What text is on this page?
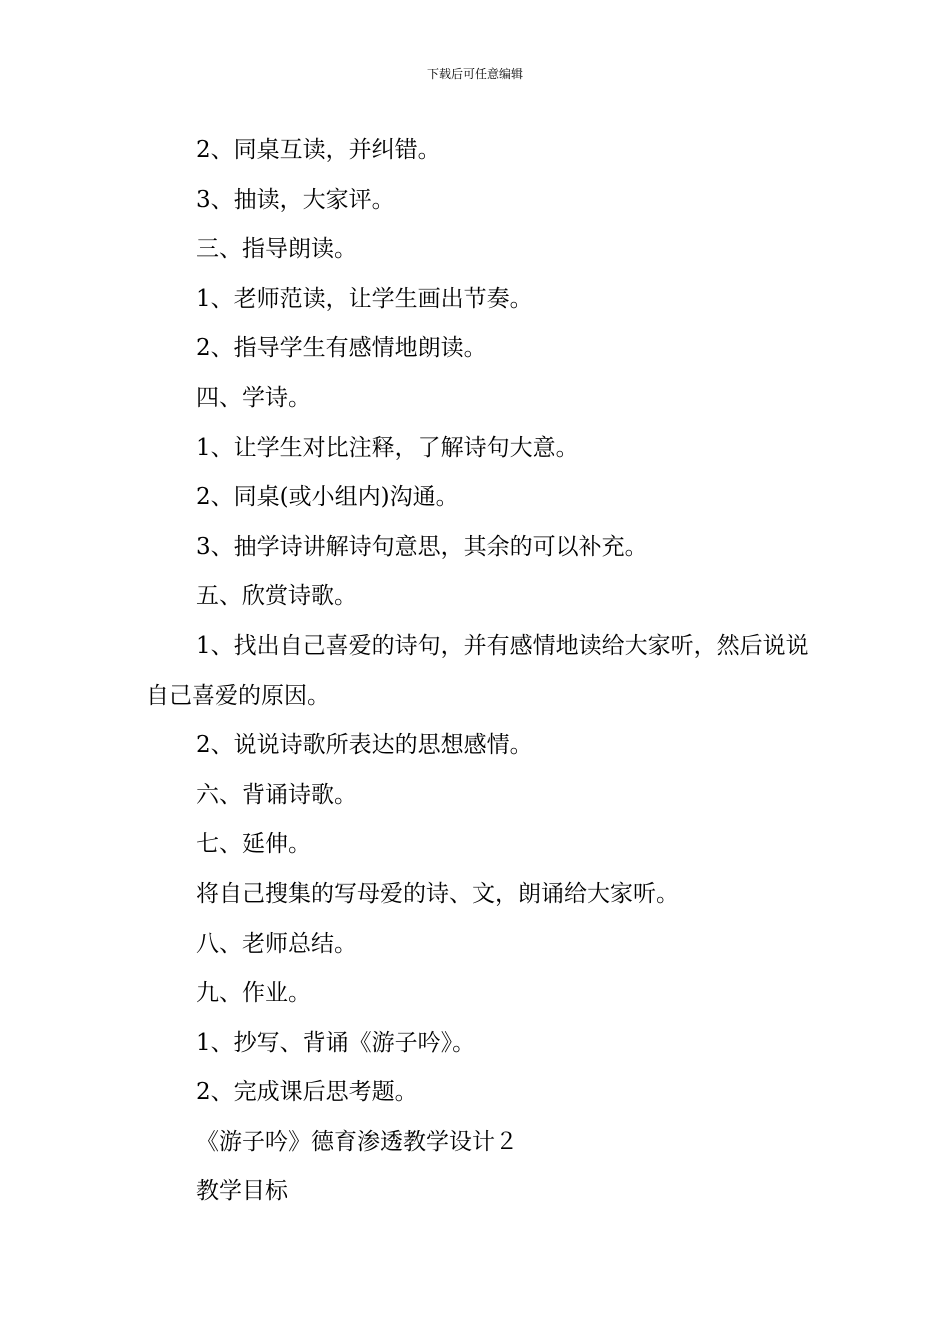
下载后可任意编辑

2、同桌互读，并纠错。

3、抽读，大家评。

三、指导朗读。

1、老师范读，让学生画出节奏。

2、指导学生有感情地朗读。

四、学诗。

1、让学生对比注释，了解诗句大意。

2、同桌(或小组内)沟通。

3、抽学诗讲解诗句意思，其余的可以补充。

五、欣赏诗歌。

1、找出自己喜爱的诗句，并有感情地读给大家听，然后说说自己喜爱的原因。

2、说说诗歌所表达的思想感情。

六、背诵诗歌。

七、延伸。

将自己搜集的写母爱的诗、文，朗诵给大家听。

八、老师总结。

九、作业。

1、抄写、背诵《游子吟》。

2、完成课后思考题。

《游子吟》德育渗透教学设计２

教学目标
